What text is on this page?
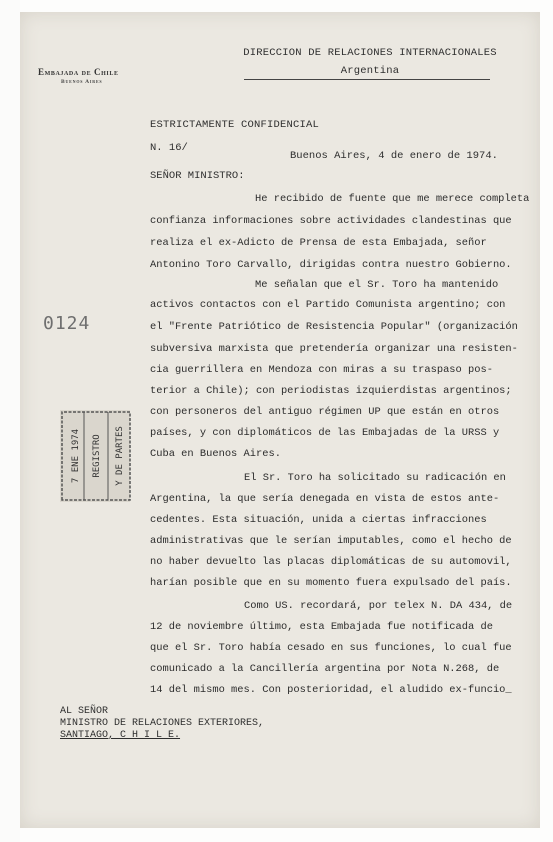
DIRECCION DE RELACIONES INTERNACIONALES
Argentina
Embajada de Chile
Buenos Aires
ESTRICTAMENTE CONFIDENCIAL
N. 16/
Buenos Aires, 4 de enero de 1974.
SEÑOR MINISTRO:
0124
He recibido de fuente que me merece completa
confianza informaciones sobre actividades clandestinas que
realiza el ex-Adicto de Prensa de esta Embajada, señor
Antonino Toro Carvallo, dirigidas contra nuestro Gobierno.
Me señalan que el Sr. Toro ha mantenido
activos contactos con el Partido Comunista argentino; con
el "Frente Patriótico de Resistencia Popular" (organización
subversiva marxista que pretendería organizar una resisten-
cia guerrillera en Mendoza con miras a su traspaso pos-
terior a Chile); con periodistas izquierdistas argentinos;
con personeros del antiguo régimen UP que están en otros
países, y con diplomáticos de las Embajadas de la URSS y
Cuba en Buenos Aires.
El Sr. Toro ha solicitado su radicación en
Argentina, la que sería denegada en vista de estos ante-
cedentes. Esta situación, unida a ciertas infracciones
administrativas que le serían imputables, como el hecho de
no haber devuelto las placas diplomáticas de su automovil,
harían posible que en su momento fuera expulsado del país.
Como US. recordará, por telex N. DA 434, de
12 de noviembre último, esta Embajada fue notificada de
que el Sr. Toro había cesado en sus funciones, lo cual fue
comunicado a la Cancillería argentina por Nota N.268, de
14 del mismo mes. Con posterioridad, el aludido ex-funcio_
AL SEÑOR
MINISTRO DE RELACIONES EXTERIORES,
SANTIAGO, C H I L E.
7 ENE 1974 REGISTRO Y DE PARTES
